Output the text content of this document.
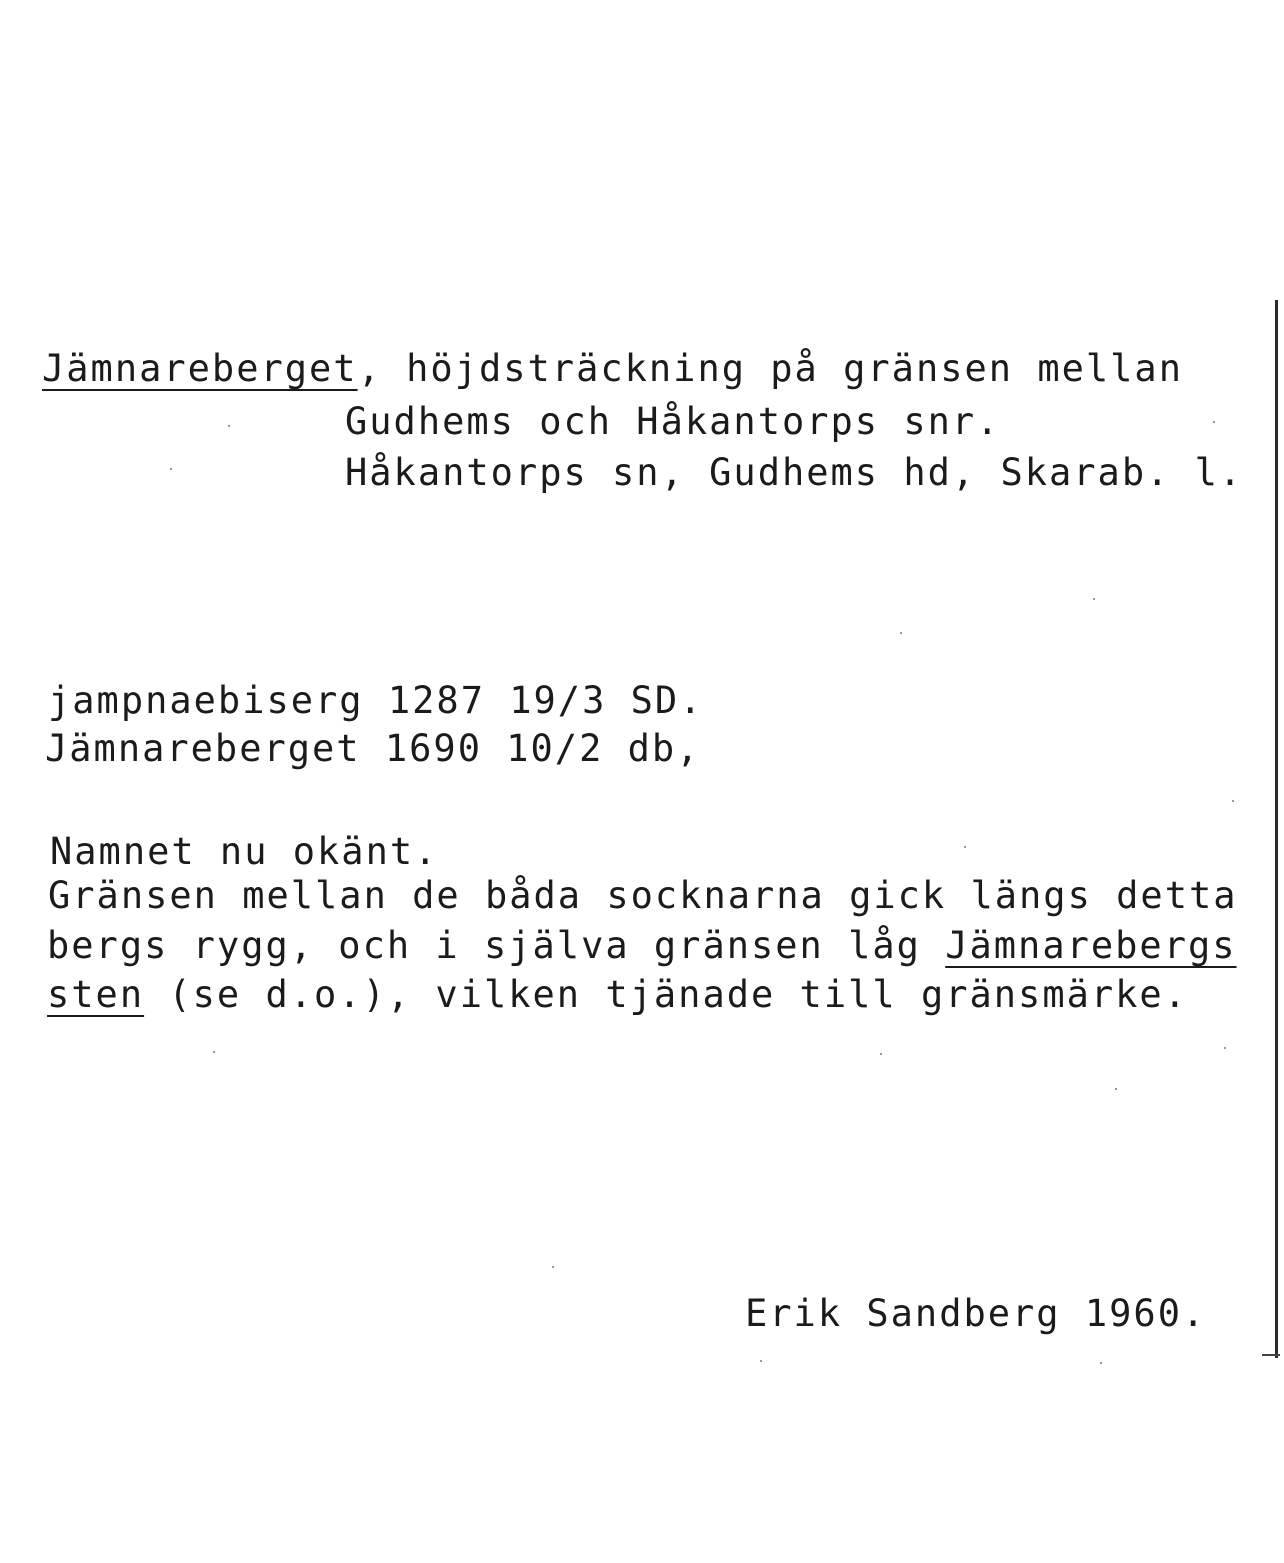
Jämnareberget, höjdsträckning på gränsen mellan
Gudhems och Håkantorps snr.
Håkantorps sn, Gudhems hd, Skarab. l.
jampnaebiserg 1287 19/3 SD.
Jämnareberget 1690 10/2 db,
Namnet nu okänt.
Gränsen mellan de båda socknarna gick längs detta
bergs rygg, och i själva gränsen låg Jämnarebergs
sten (se d.o.), vilken tjänade till gränsmärke.
Erik Sandberg 1960.
